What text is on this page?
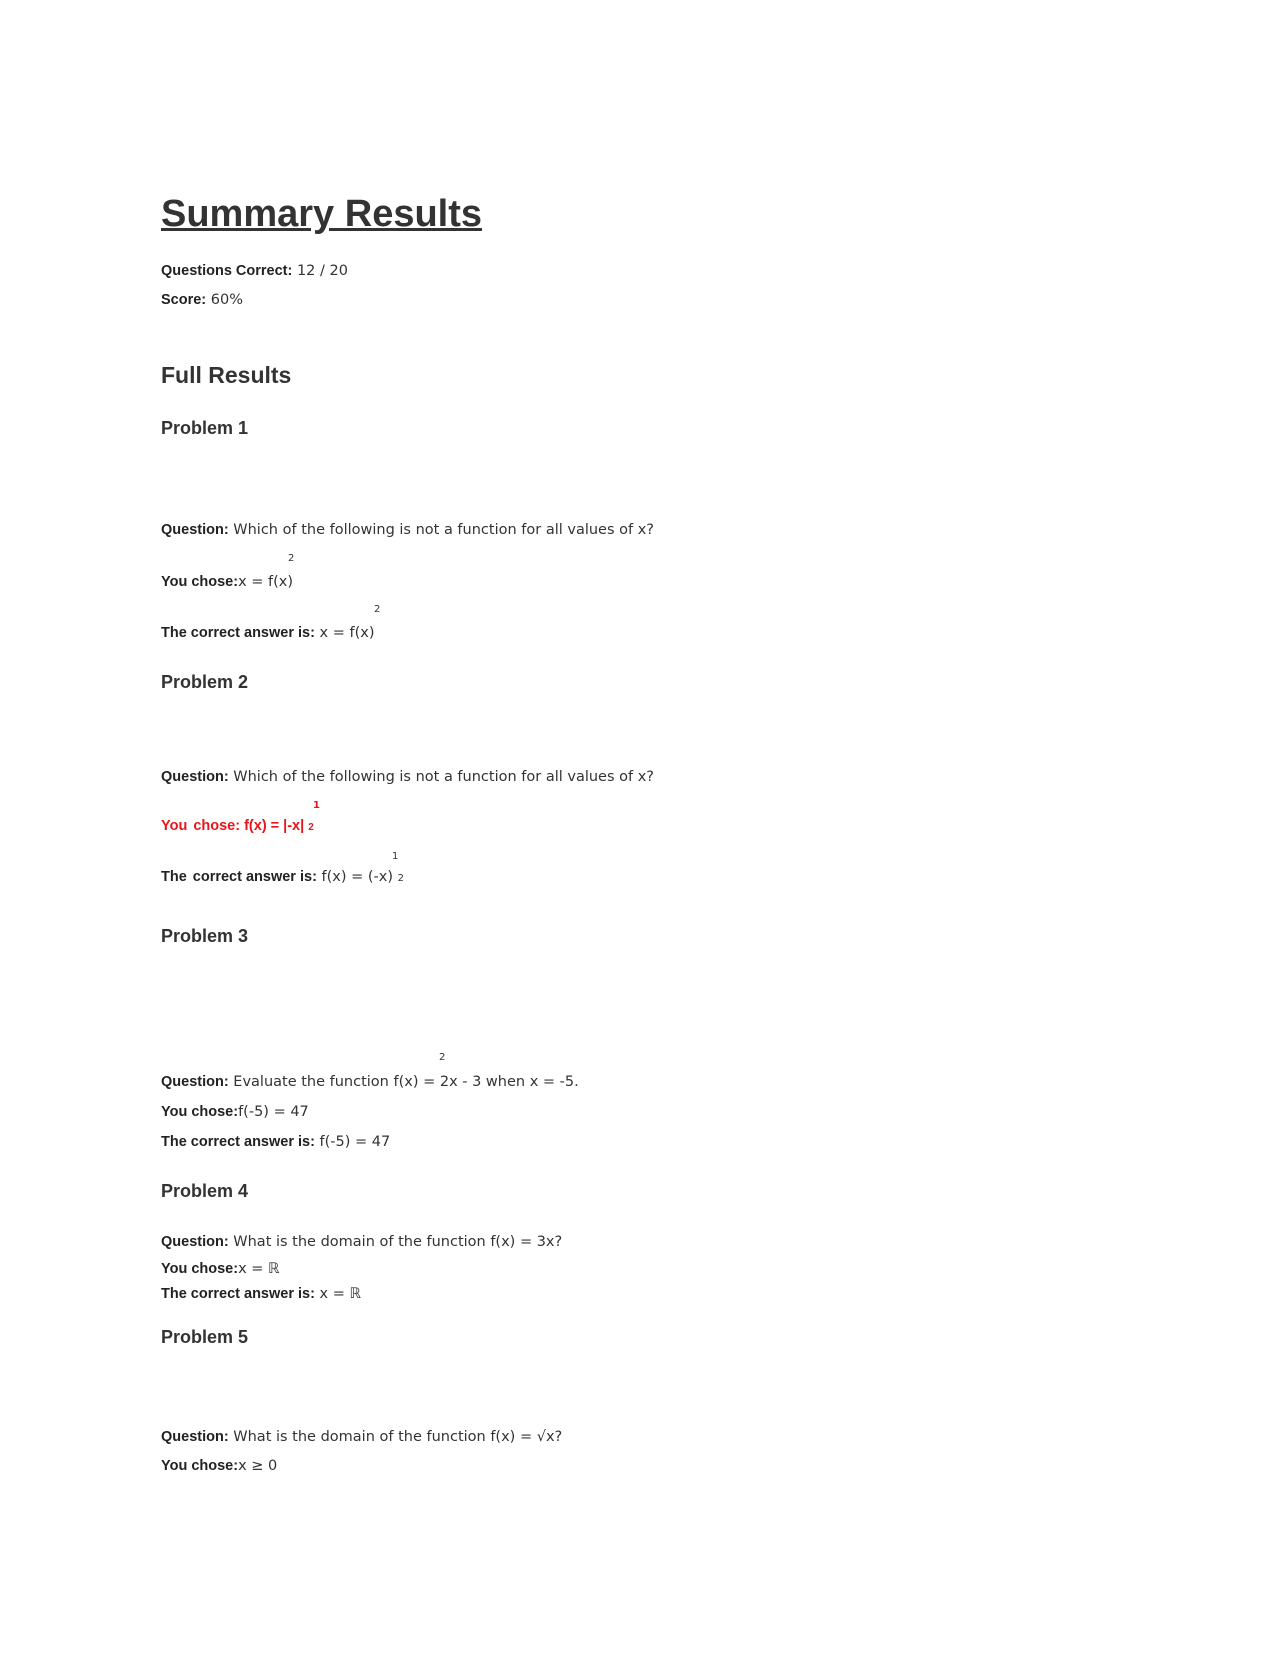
Summary Results
Questions Correct: 12 / 20
Score: 60%
Full Results
Problem 1
Question: Which of the following is not a function for all values of x?
2
You chose:x = f(x)
2
The correct answer is: x = f(x)
Problem 2
Question: Which of the following is not a function for all values of x?
1
You chose: f(x) = |-x| 2
1
The correct answer is: f(x) = (-x) 2
Problem 3
2
Question: Evaluate the function f(x) = 2x - 3 when x = -5.
You chose:f(-5) = 47
The correct answer is: f(-5) = 47
Problem 4
Question: What is the domain of the function f(x) = 3x?
You chose:x = ℝ
The correct answer is: x = ℝ
Problem 5
Question: What is the domain of the function f(x) = √x?
You chose:x ≥ 0
